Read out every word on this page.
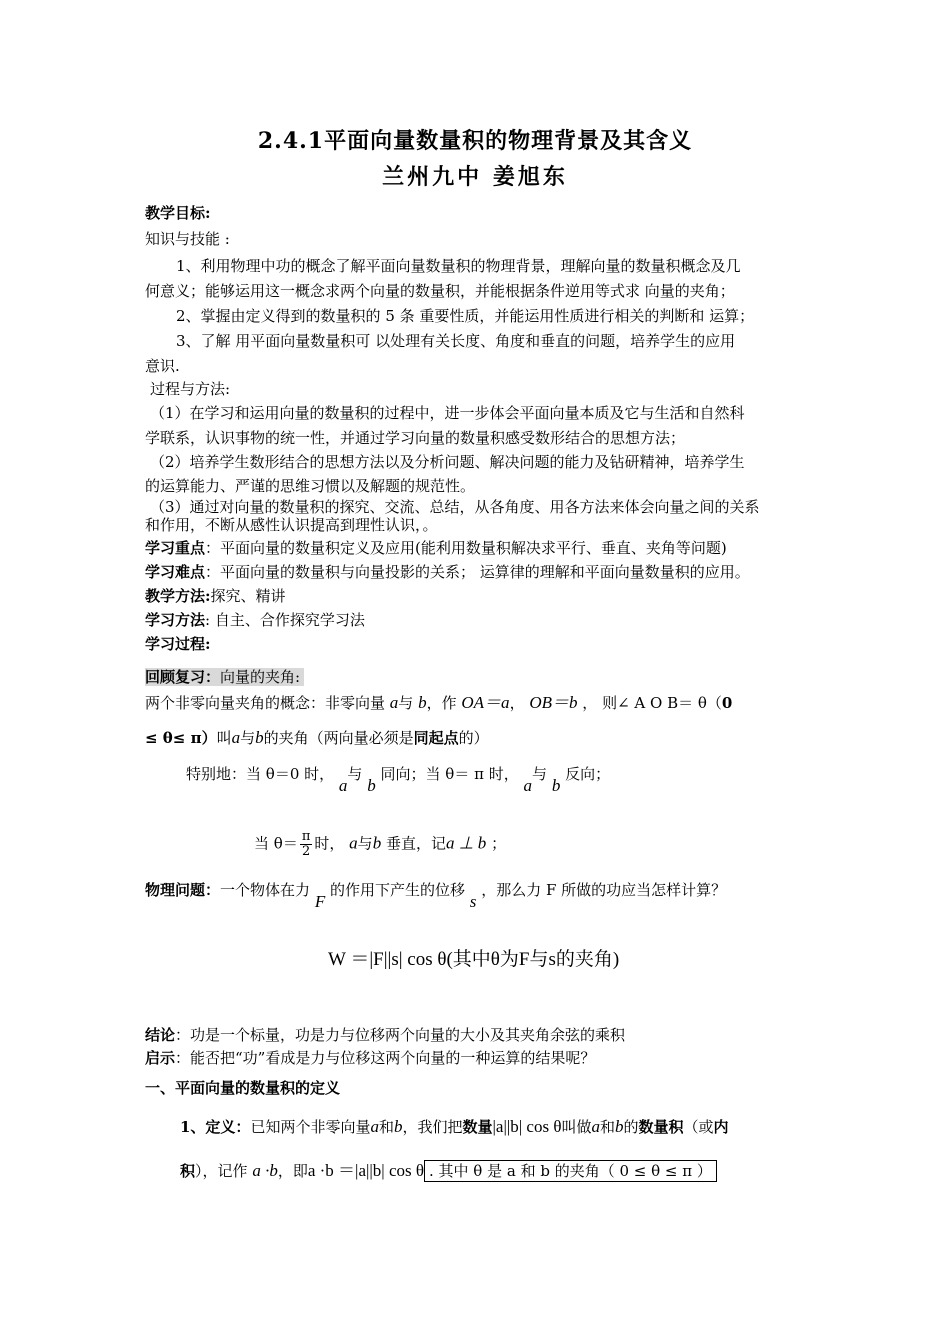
2.4.1平面向量数量积的物理背景及其含义
兰州九中 姜旭东
教学目标:
知识与技能 :
1、利用物理中功的概念了解平面向量数量积的物理背景，理解向量的数量积概念及几
何意义；能够运用这一概念求两个向量的数量积，并能根据条件逆用等式求 向量的夹角；
2、掌握由定义得到的数量积的 5 条 重要性质，并能运用性质进行相关的判断和 运算；
3、了解 用平面向量数量积可 以处理有关长度、角度和垂直的问题，培养学生的应用
意识.
过程与方法:
（1）在学习和运用向量的数量积的过程中，进一步体会平面向量本质及它与生活和自然科
学联系，认识事物的统一性，并通过学习向量的数量积感受数形结合的思想方法；
（2）培养学生数形结合的思想方法以及分析问题、解决问题的能力及钻研精神，培养学生
的运算能力、严谨的思维习惯以及解题的规范性。
（3）通过对向量的数量积的探究、交流、总结，从各角度、用各方法来体会向量之间的关系
和作用，不断从感性认识提高到理性认识，。
学习重点：平面向量的数量积定义及应用(能利用数量积解决求平行、垂直、夹角等问题)
学习难点：平面向量的数量积与向量投影的关系； 运算律的理解和平面向量数量积的应用。
教学方法:探究、精讲
学习方法: 自主、合作探究学习法
学习过程:
回顾复习：向量的夹角:
两个非零向量夹角的概念：非零向量 a与 b，作 OA＝a， OB＝b ， 则∠ A O B＝ θ（0
≤ θ≤ π）叫a与b的夹角（两向量必须是同起点的）
特别地：当 θ＝0 时， a与 b 同向；当 θ＝ π 时， a与 b 反向；
当 $\theta= \frac{\pi}{2}$ 时， a与b 垂直，记a ⊥ b ；
物理问题：一个物体在力 F 的作用下产生的位移 s ，那么力 F 所做的功应当怎样计算？
W ＝|F||s| cos θ(其中θ为F与s的夹角)
结论：功是一个标量，功是力与位移两个向量的大小及其夹角余弦的乘积
启示：能否把“功”看成是力与位移这两个向量的一种运算的结果呢？
一、平面向量的数量积的定义
1、定义：已知两个非零向量a和b，我们把数量|a||b| cos θ叫做a和b的数量积（或内
积），记作 a ·b，即a ·b ＝|a||b| cos θ . 其中 θ 是 a 和 b 的夹角（ 0 ≤ θ ≤ π ）
